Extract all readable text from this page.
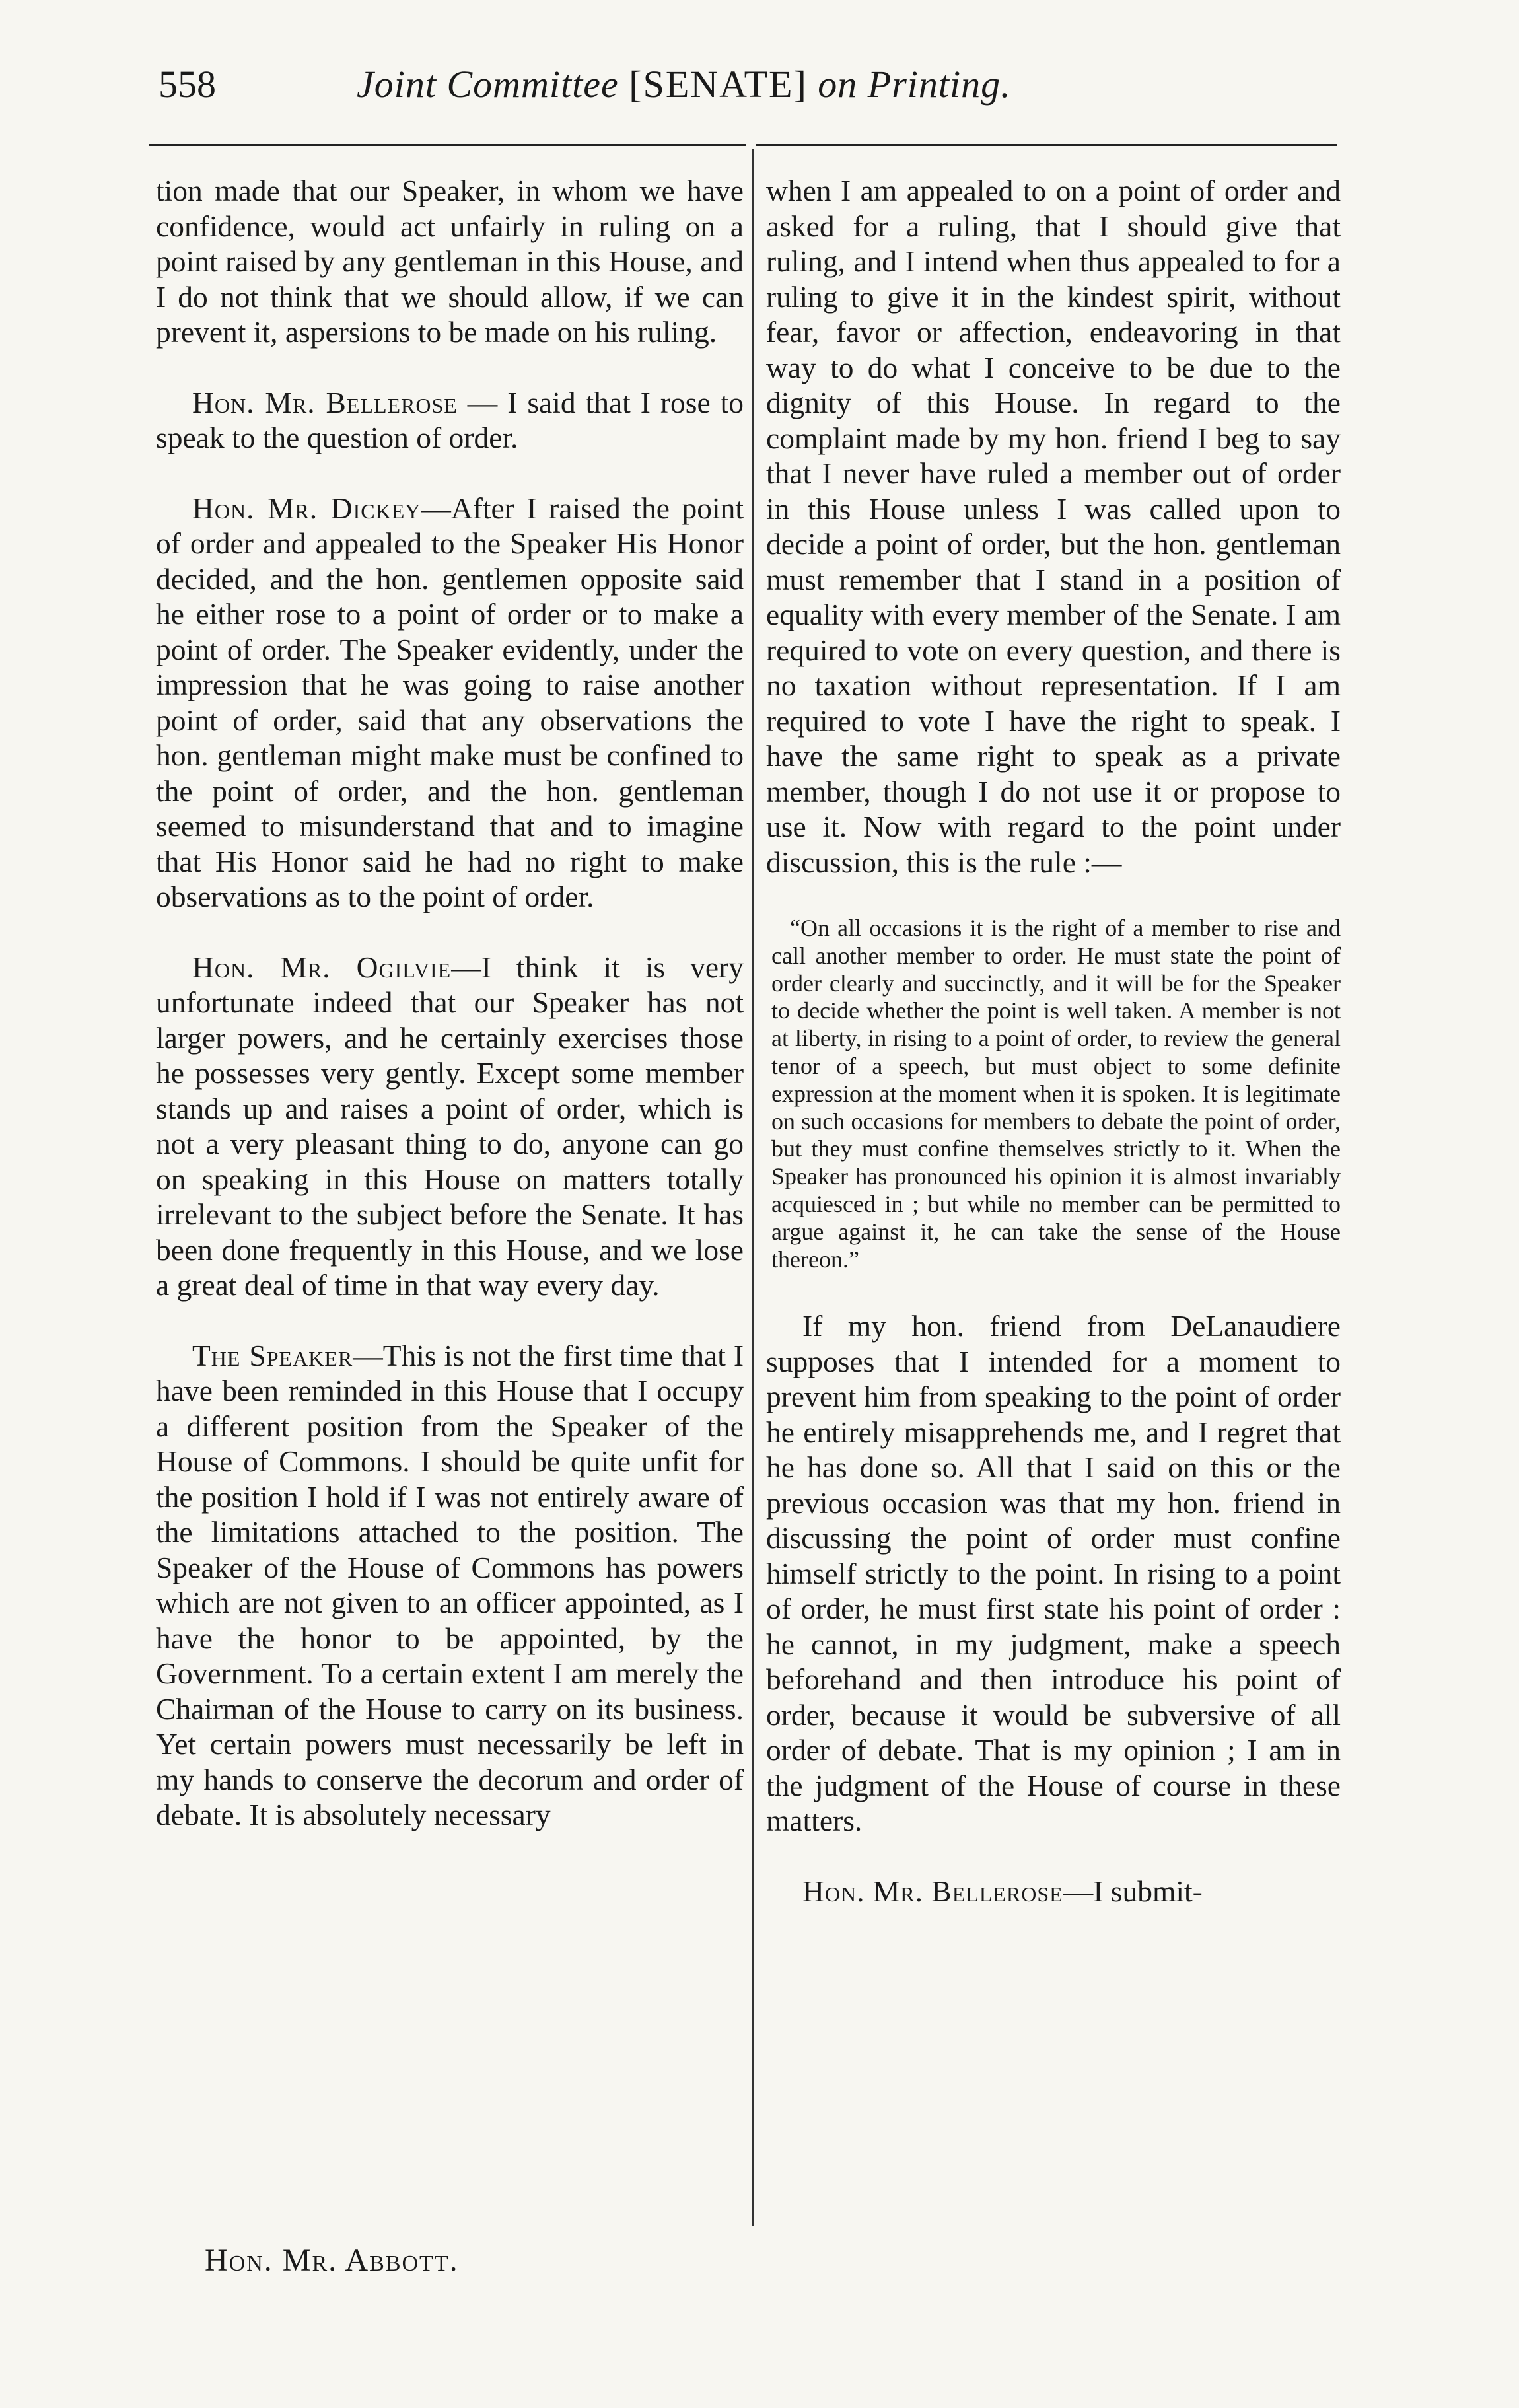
558	Joint Committee [SENATE] on Printing.

tion made that our Speaker, in whom we have confidence, would act unfairly in ruling on a point raised by any gentleman in this House, and I do not think that we should allow, if we can prevent it, aspersions to be made on his ruling.

Hon. Mr. Bellerose — I said that I rose to speak to the question of order.

Hon. Mr. Dickey—After I raised the point of order and appealed to the Speaker His Honor decided, and the hon. gentlemen opposite said he either rose to a point of order or to make a point of order. The Speaker evidently, under the impression that he was going to raise another point of order, said that any observations the hon. gentleman might make must be confined to the point of order, and the hon. gentleman seemed to misunderstand that and to imagine that His Honor said he had no right to make observations as to the point of order.

Hon. Mr. Ogilvie—I think it is very unfortunate indeed that our Speaker has not larger powers, and he certainly exercises those he possesses very gently. Except some member stands up and raises a point of order, which is not a very pleasant thing to do, anyone can go on speaking in this House on matters totally irrelevant to the subject before the Senate. It has been done frequently in this House, and we lose a great deal of time in that way every day.

The Speaker—This is not the first time that I have been reminded in this House that I occupy a different position from the Speaker of the House of Commons. I should be quite unfit for the position I hold if I was not entirely aware of the limitations attached to the position. The Speaker of the House of Commons has powers which are not given to an officer appointed, as I have the honor to be appointed, by the Government. To a certain extent I am merely the Chairman of the House to carry on its business. Yet certain powers must necessarily be left in my hands to conserve the decorum and order of debate. It is absolutely necessary

when I am appealed to on a point of order and asked for a ruling, that I should give that ruling, and I intend when thus appealed to for a ruling to give it in the kindest spirit, without fear, favor or affection, endeavoring in that way to do what I conceive to be due to the dignity of this House. In regard to the complaint made by my hon. friend I beg to say that I never have ruled a member out of order in this House unless I was called upon to decide a point of order, but the hon. gentleman must remember that I stand in a position of equality with every member of the Senate. I am required to vote on every question, and there is no taxation without representation. If I am required to vote I have the right to speak. I have the same right to speak as a private member, though I do not use it or propose to use it. Now with regard to the point under discussion, this is the rule :—

“On all occasions it is the right of a member to rise and call another member to order. He must state the point of order clearly and succinctly, and it will be for the Speaker to decide whether the point is well taken. A member is not at liberty, in rising to a point of order, to review the general tenor of a speech, but must object to some definite expression at the moment when it is spoken. It is legitimate on such occasions for members to debate the point of order, but they must confine themselves strictly to it. When the Speaker has pronounced his opinion it is almost invariably acquiesced in ; but while no member can be permitted to argue against it, he can take the sense of the House thereon.”

If my hon. friend from DeLanaudiere supposes that I intended for a moment to prevent him from speaking to the point of order he entirely misapprehends me, and I regret that he has done so. All that I said on this or the previous occasion was that my hon. friend in discussing the point of order must confine himself strictly to the point. In rising to a point of order, he must first state his point of order : he cannot, in my judgment, make a speech beforehand and then introduce his point of order, because it would be subversive of all order of debate. That is my opinion ; I am in the judgment of the House of course in these matters.

Hon. Mr. Bellerose—I submit-

Hon. Mr. Abbott.
